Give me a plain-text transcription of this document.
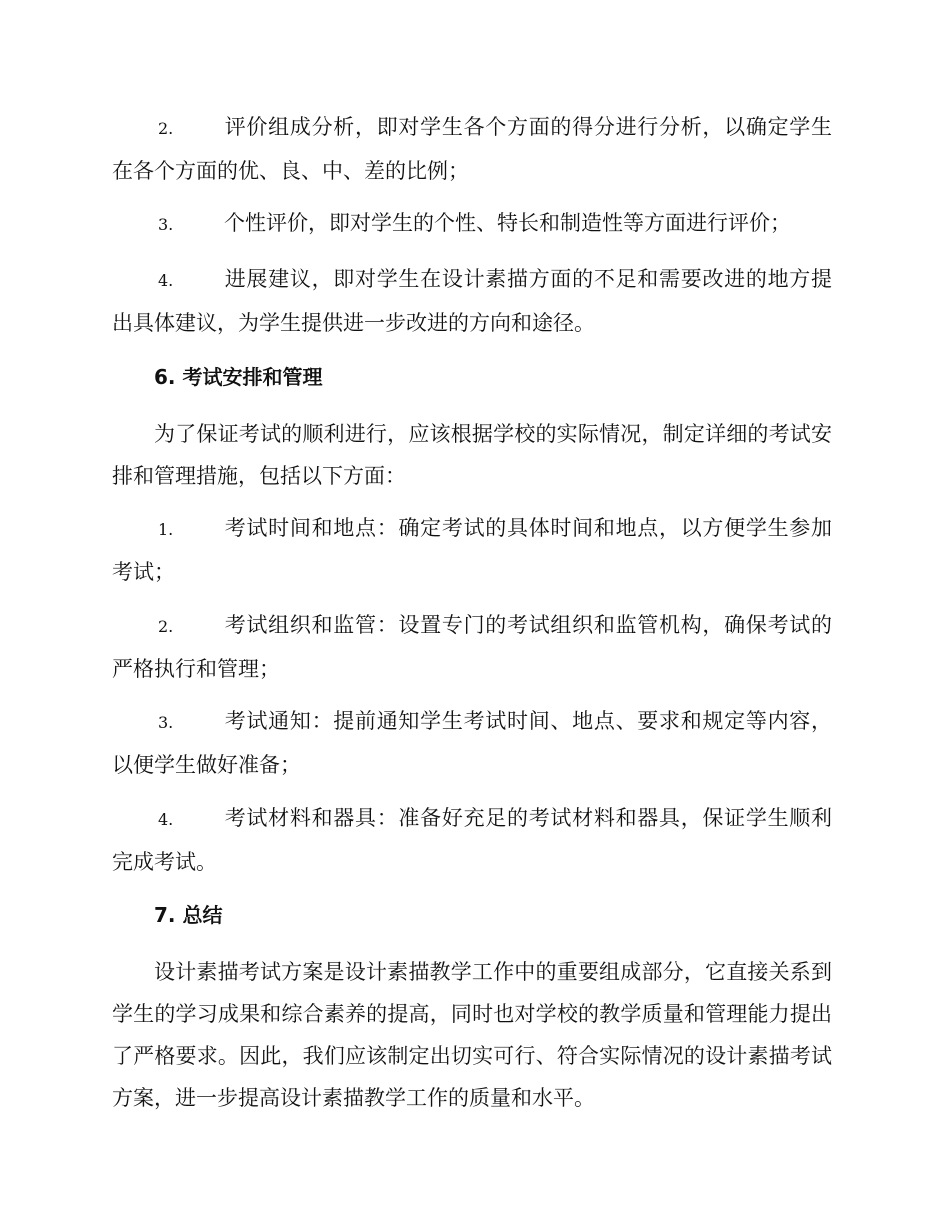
2. 评价组成分析，即对学生各个方面的得分进行分析，以确定学生在各个方面的优、良、中、差的比例；

3. 个性评价，即对学生的个性、特长和制造性等方面进行评价；

4. 进展建议，即对学生在设计素描方面的不足和需要改进的地方提出具体建议，为学生提供进一步改进的方向和途径。

6. 考试安排和管理

为了保证考试的顺利进行，应该根据学校的实际情况，制定详细的考试安排和管理措施，包括以下方面：

1. 考试时间和地点：确定考试的具体时间和地点，以方便学生参加考试；

2. 考试组织和监管：设置专门的考试组织和监管机构，确保考试的严格执行和管理；

3. 考试通知：提前通知学生考试时间、地点、要求和规定等内容，以便学生做好准备；

4. 考试材料和器具：准备好充足的考试材料和器具，保证学生顺利完成考试。

7. 总结

设计素描考试方案是设计素描教学工作中的重要组成部分，它直接关系到学生的学习成果和综合素养的提高，同时也对学校的教学质量和管理能力提出了严格要求。因此，我们应该制定出切实可行、符合实际情况的设计素描考试方案，进一步提高设计素描教学工作的质量和水平。
